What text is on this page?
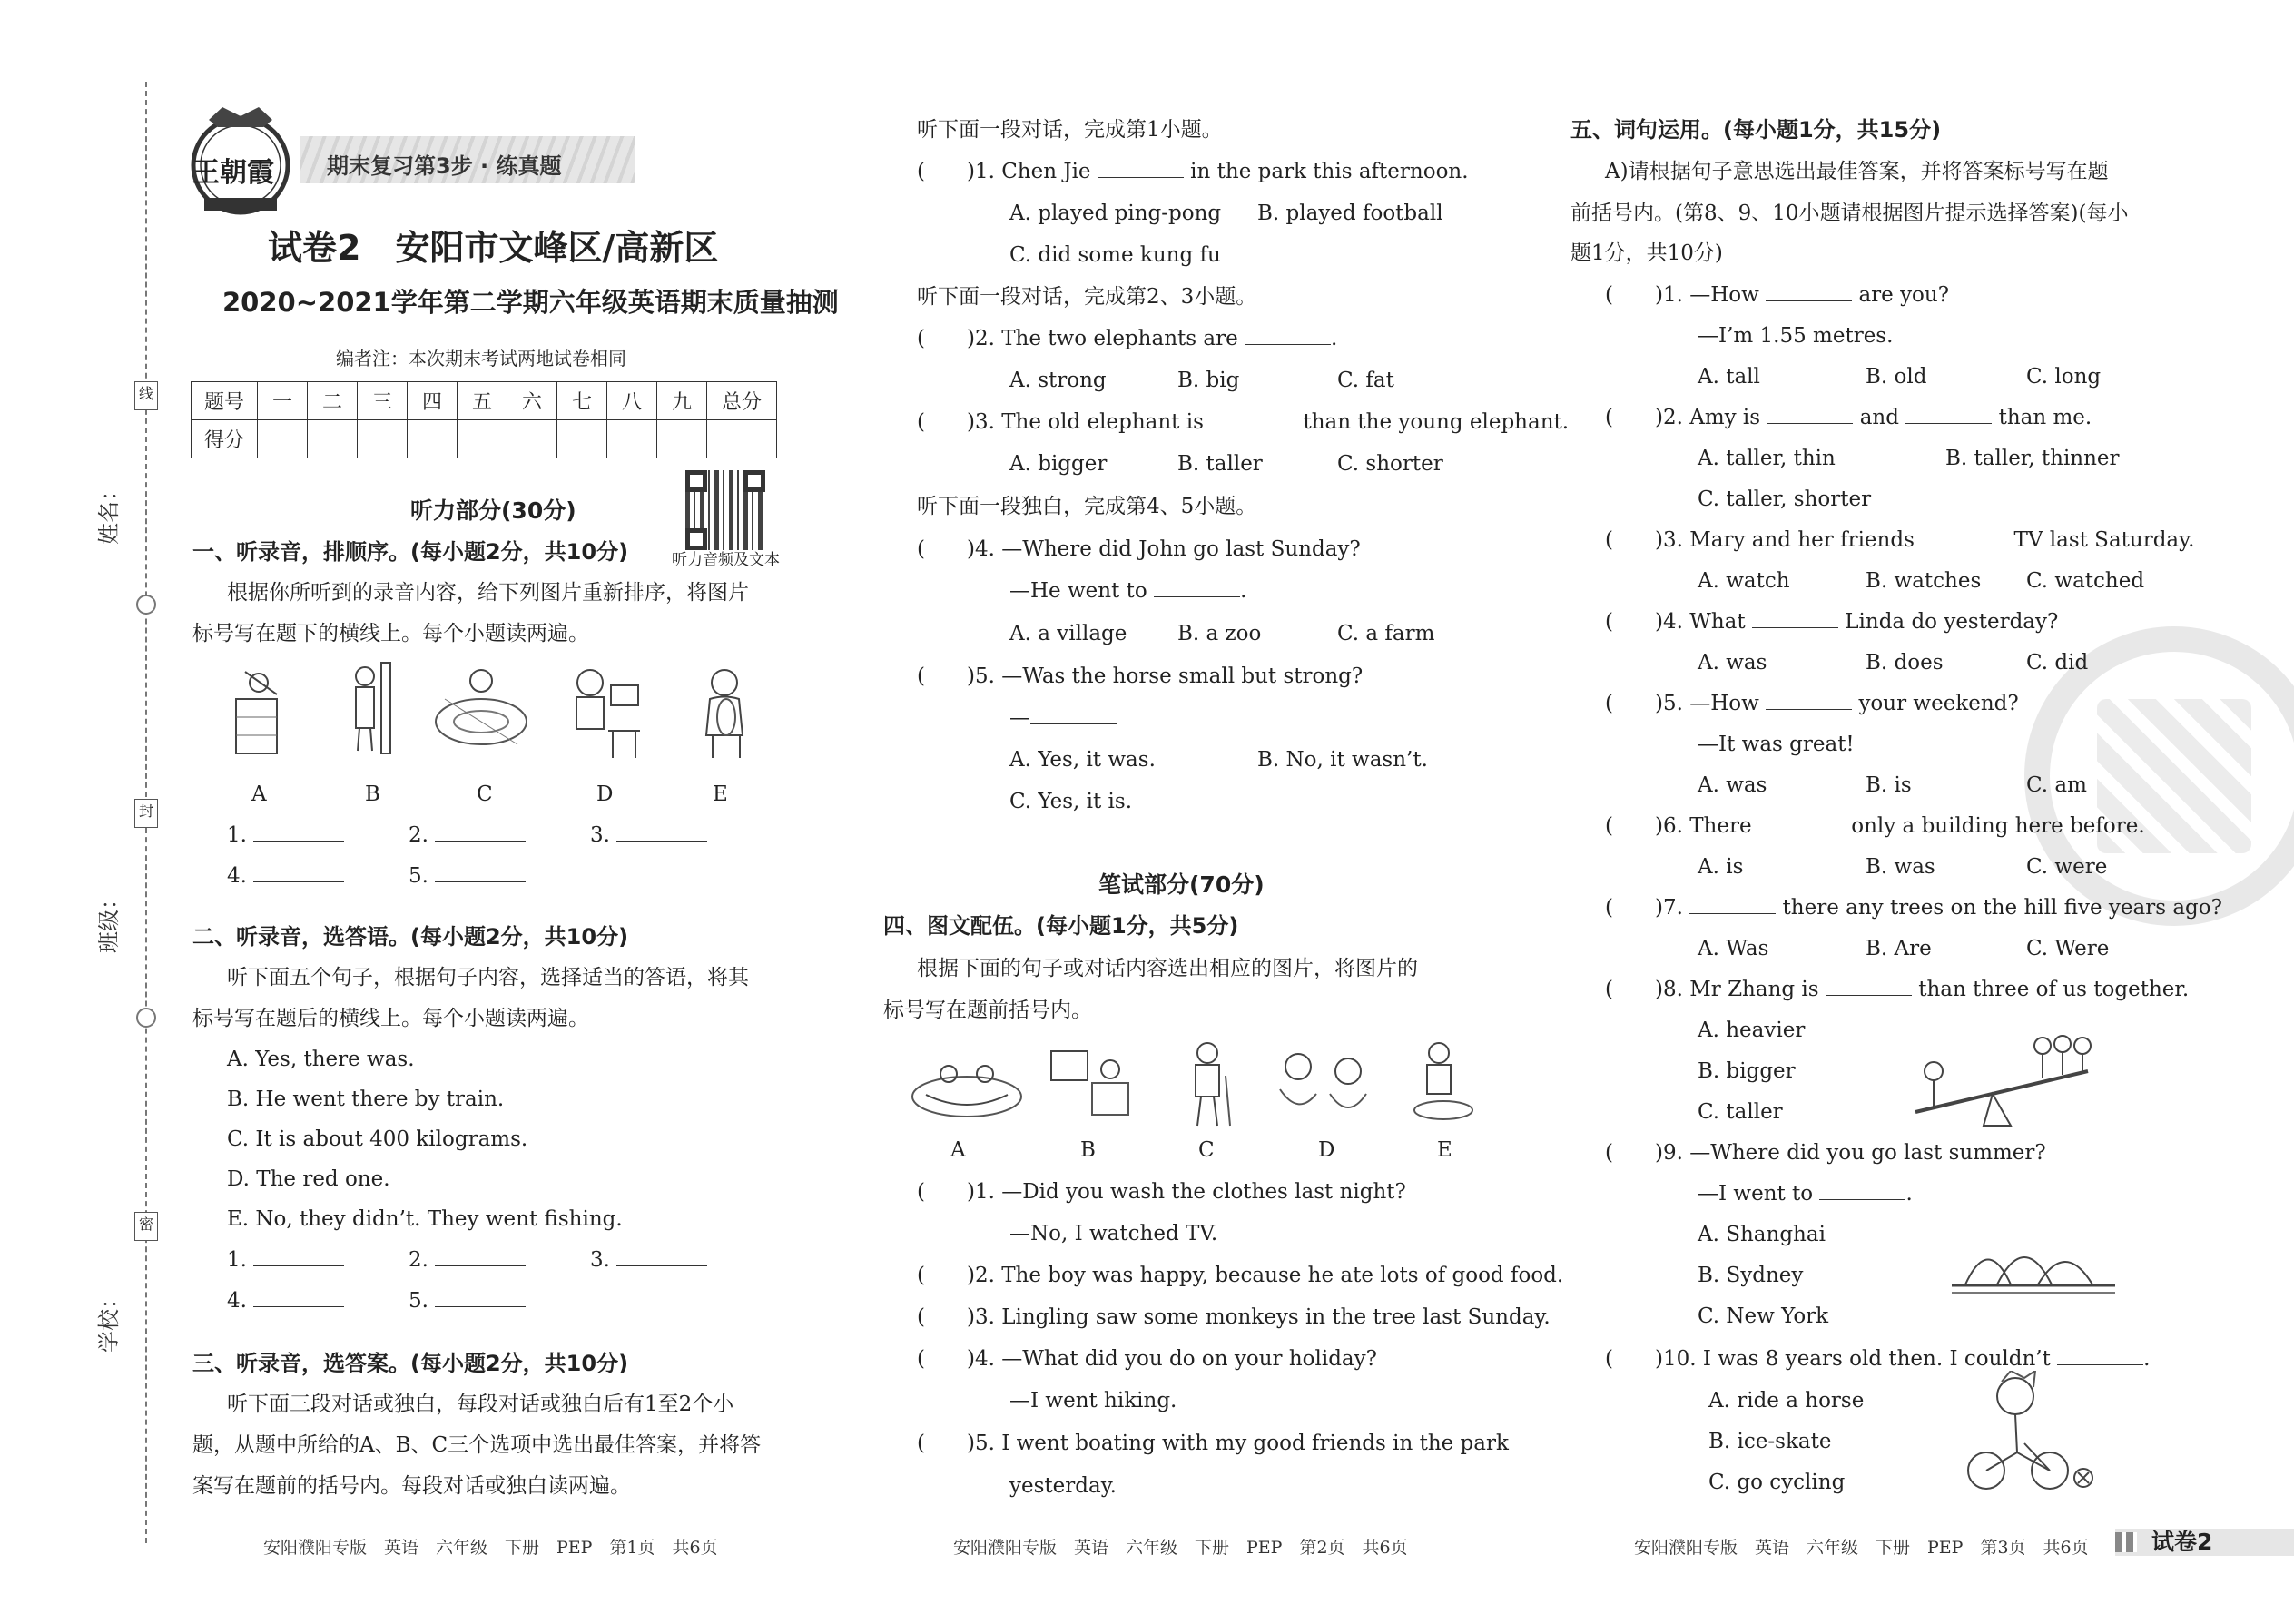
姓名：
班级：
学校：
线
封
密
王朝霞 期末复习第3步 · 练真题
试卷2　安阳市文峰区/高新区
2020~2021学年第二学期六年级英语期末质量抽测
编者注：本次期末考试两地试卷相同
题号	一	二	三	四	五	六	七	八	九	总分
得分										
听力音频及文本
听力部分(30分)
一、听录音，排顺序。(每小题2分，共10分)
根据你所听到的录音内容，给下列图片重新排序，将图片
标号写在题下的横线上。每个小题读两遍。
A	B	C	D	E
1.	2.	3.
4.	5.
二、听录音，选答语。(每小题2分，共10分)
听下面五个句子，根据句子内容，选择适当的答语，将其
标号写在题后的横线上。每个小题读两遍。
A. Yes, there was.
B. He went there by train.
C. It is about 400 kilograms.
D. The red one.
E. No, they didn’t. They went fishing.
1.	2.	3.
4.	5.
三、听录音，选答案。(每小题2分，共10分)
听下面三段对话或独白，每段对话或独白后有1至2个小
题，从题中所给的A、B、C三个选项中选出最佳答案，并将答
案写在题前的括号内。每段对话或独白读两遍。
安阳濮阳专版　英语　六年级　下册　PEP　第1页　共6页
听下面一段对话，完成第1小题。
(　　)1. Chen Jie	in the park this afternoon.
A. played ping-pong B. played football
C. did some kung fu
听下面一段对话，完成第2、3小题。
(　　)2. The two elephants are	.
A. strong	B. big	C. fat
(　　)3. The old elephant is	than the young elephant.
A. bigger	B. taller	C. shorter
听下面一段独白，完成第4、5小题。
(　　)4. —Where did John go last Sunday?
—He went to	.
A. a village B. a zoo	C. a farm
(　　)5. —Was the horse small but strong?
—
A. Yes, it was.	B. No, it wasn’t.
C. Yes, it is.
笔试部分(70分)
四、图文配伍。(每小题1分，共5分)
根据下面的句子或对话内容选出相应的图片，将图片的
标号写在题前括号内。
A	B	C	D	E
(　　)1. —Did you wash the clothes last night?
—No, I watched TV.
(　　)2. The boy was happy, because he ate lots of good food.
(　　)3. Lingling saw some monkeys in the tree last Sunday.
(　　)4. —What did you do on your holiday?
—I went hiking.
(　　)5. I went boating with my good friends in the park
yesterday.
安阳濮阳专版　英语　六年级　下册　PEP　第2页　共6页
五、词句运用。(每小题1分，共15分)
A)请根据句子意思选出最佳答案，并将答案标号写在题
前括号内。(第8、9、10小题请根据图片提示选择答案)(每小
题1分，共10分)
(　　)1. —How	are you?
—I’m 1.55 metres.
A. tall	B. old	C. long
(　　)2. Amy is	and	than me.
A. taller, thin	B. taller, thinner
C. taller, shorter
(　　)3. Mary and her friends	TV last Saturday.
A. watch	B. watches C. watched
(　　)4. What	Linda do yesterday?
A. was	B. does	C. did
(　　)5. —How	your weekend?
—It was great!
A. was	B. is	C. am
(　　)6. There	only a building here before.
A. is	B. was	C. were
(　　)7.	there any trees on the hill five years ago?
A. Was	B. Are	C. Were
(　　)8. Mr Zhang is	than three of us together.
A. heavier
B. bigger
C. taller
(　　)9. —Where did you go last summer?
—I went to	.
A. Shanghai
B. Sydney
C. New York
(　　)10. I was 8 years old then. I couldn’t	.
A. ride a horse
B. ice-skate
C. go cycling
安阳濮阳专版　英语　六年级　下册　PEP　第3页　共6页	试卷2
